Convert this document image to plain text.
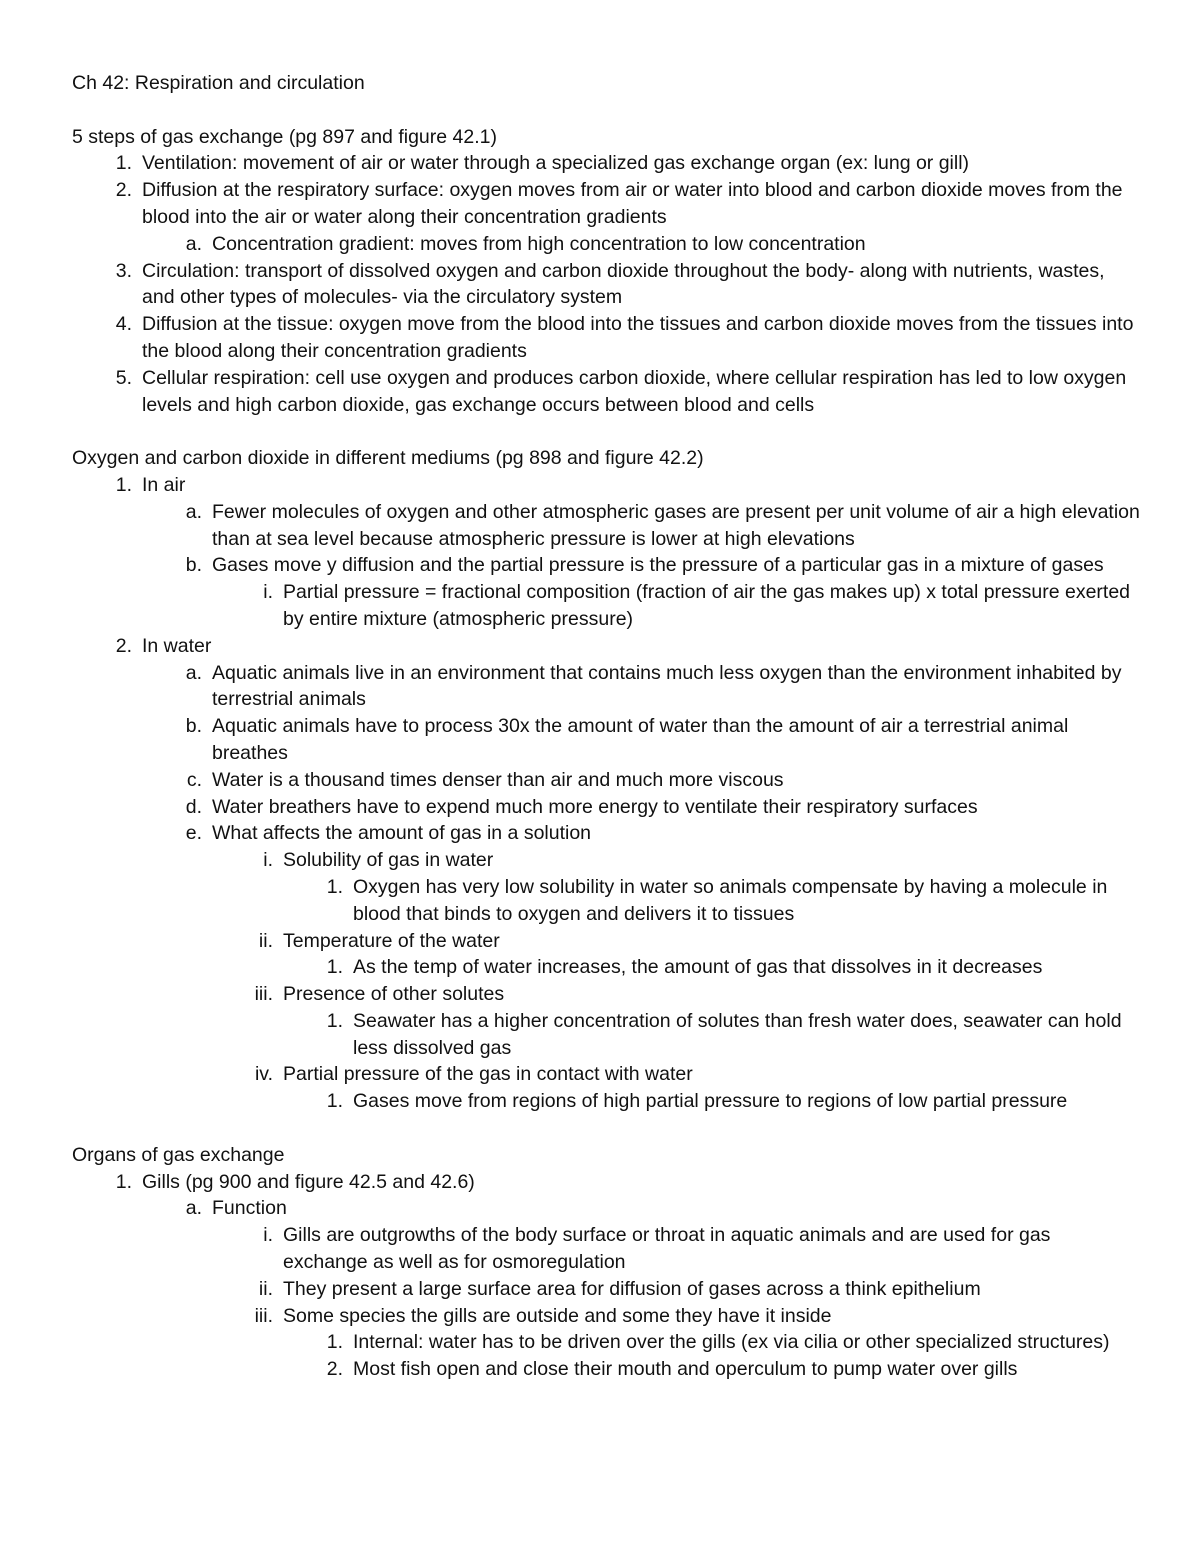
Ch 42: Respiration and circulation
5 steps of gas exchange (pg 897 and figure 42.1)
1. Ventilation: movement of air or water through a specialized gas exchange organ (ex: lung or gill)
2. Diffusion at the respiratory surface: oxygen moves from air or water into blood and carbon dioxide moves from the blood into the air or water along their concentration gradients
a. Concentration gradient: moves from high concentration to low concentration
3. Circulation: transport of dissolved oxygen and carbon dioxide throughout the body- along with nutrients, wastes, and other types of molecules- via the circulatory system
4. Diffusion at the tissue: oxygen move from the blood into the tissues and carbon dioxide moves from the tissues into the blood along their concentration gradients
5. Cellular respiration: cell use oxygen and produces carbon dioxide, where cellular respiration has led to low oxygen levels and high carbon dioxide, gas exchange occurs between blood and cells
Oxygen and carbon dioxide in different mediums (pg 898 and figure 42.2)
1. In air
a. Fewer molecules of oxygen and other atmospheric gases are present per unit volume of air a high elevation than at sea level because atmospheric pressure is lower at high elevations
b. Gases move y diffusion and the partial pressure is the pressure of a particular gas in a mixture of gases
i. Partial pressure = fractional composition (fraction of air the gas makes up) x total pressure exerted by entire mixture (atmospheric pressure)
2. In water
a. Aquatic animals live in an environment that contains much less oxygen than the environment inhabited by terrestrial animals
b. Aquatic animals have to process 30x the amount of water than the amount of air a terrestrial animal breathes
c. Water is a thousand times denser than air and much more viscous
d. Water breathers have to expend much more energy to ventilate their respiratory surfaces
e. What affects the amount of gas in a solution
i. Solubility of gas in water
1. Oxygen has very low solubility in water so animals compensate by having a molecule in blood that binds to oxygen and delivers it to tissues
ii. Temperature of the water
1. As the temp of water increases, the amount of gas that dissolves in it decreases
iii. Presence of other solutes
1. Seawater has a higher concentration of solutes than fresh water does, seawater can hold less dissolved gas
iv. Partial pressure of the gas in contact with water
1. Gases move from regions of high partial pressure to regions of low partial pressure
Organs of gas exchange
1. Gills (pg 900 and figure 42.5 and 42.6)
a. Function
i. Gills are outgrowths of the body surface or throat in aquatic animals and are used for gas exchange as well as for osmoregulation
ii. They present a large surface area for diffusion of gases across a think epithelium
iii. Some species the gills are outside and some they have it inside
1. Internal: water has to be driven over the gills (ex via cilia or other specialized structures)
2. Most fish open and close their mouth and operculum to pump water over gills
